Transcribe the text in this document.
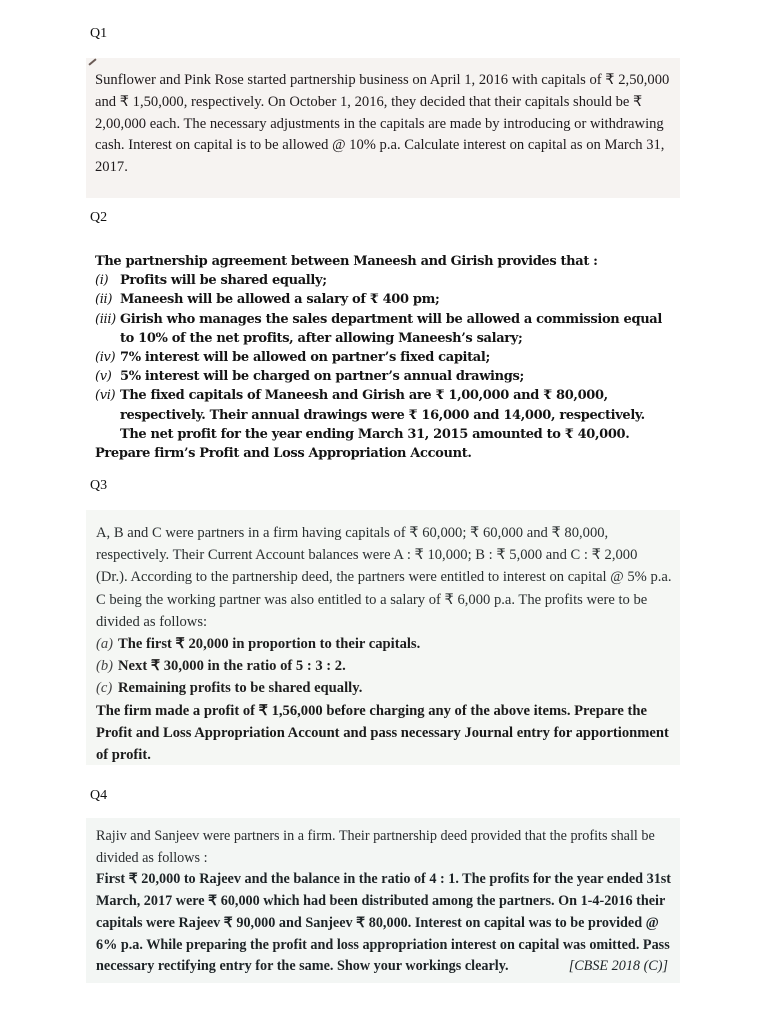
Q1

Sunflower and Pink Rose started partnership business on April 1, 2016 with capitals of ₹ 2,50,000 and ₹ 1,50,000, respectively. On October 1, 2016, they decided that their capitals should be ₹ 2,00,000 each. The necessary adjustments in the capitals are made by introducing or withdrawing cash. Interest on capital is to be allowed @ 10% p.a. Calculate interest on capital as on March 31, 2017.

Q2

The partnership agreement between Maneesh and Girish provides that :

(i) Profits will be shared equally;
(ii) Maneesh will be allowed a salary of ₹ 400 pm;
(iii) Girish who manages the sales department will be allowed a commission equal to 10% of the net profits, after allowing Maneesh’s salary;
(iv) 7% interest will be allowed on partner’s fixed capital;
(v) 5% interest will be charged on partner’s annual drawings;
(vi) The fixed capitals of Maneesh and Girish are ₹ 1,00,000 and ₹ 80,000, respectively. Their annual drawings were ₹ 16,000 and 14,000, respectively. The net profit for the year ending March 31, 2015 amounted to ₹ 40,000.

Prepare firm’s Profit and Loss Appropriation Account.

Q3

A, B and C were partners in a firm having capitals of ₹ 60,000; ₹ 60,000 and ₹ 80,000, respectively. Their Current Account balances were A : ₹ 10,000; B : ₹ 5,000 and C : ₹ 2,000 (Dr.). According to the partnership deed, the partners were entitled to interest on capital @ 5% p.a. C being the working partner was also entitled to a salary of ₹ 6,000 p.a. The profits were to be divided as follows:

(a) The first ₹ 20,000 in proportion to their capitals.
(b) Next ₹ 30,000 in the ratio of 5 : 3 : 2.
(c) Remaining profits to be shared equally.

The firm made a profit of ₹ 1,56,000 before charging any of the above items. Prepare the Profit and Loss Appropriation Account and pass necessary Journal entry for apportionment of profit.

Q4

Rajiv and Sanjeev were partners in a firm. Their partnership deed provided that the profits shall be divided as follows :

First ₹ 20,000 to Rajeev and the balance in the ratio of 4 : 1. The profits for the year ended 31st March, 2017 were ₹ 60,000 which had been distributed among the partners. On 1-4-2016 their capitals were Rajeev ₹ 90,000 and Sanjeev ₹ 80,000. Interest on capital was to be provided @ 6% p.a. While preparing the profit and loss appropriation interest on capital was omitted. Pass necessary rectifying entry for the same. Show your workings clearly.	[CBSE 2018 (C)]
